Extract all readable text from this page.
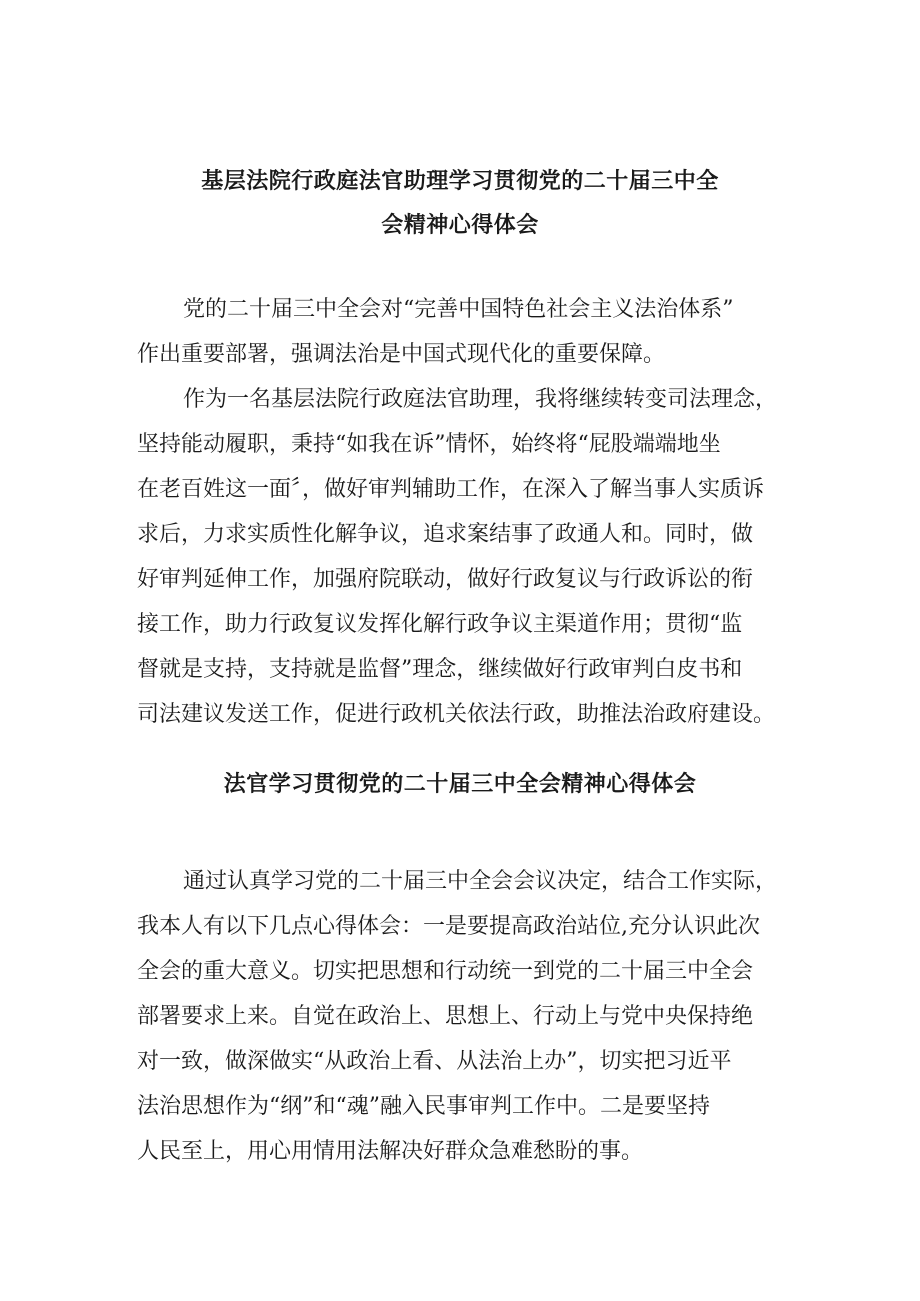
基层法院行政庭法官助理学习贯彻党的二十届三中全
会精神心得体会
党的二十届三中全会对“完善中国特色社会主义法治体系”
作出重要部署，强调法治是中国式现代化的重要保障。
作为一名基层法院行政庭法官助理，我将继续转变司法理念，
坚持能动履职，秉持“如我在诉”情怀，始终将“屁股端端地坐
在老百姓这一面〞，做好审判辅助工作，在深入了解当事人实质诉
求后，力求实质性化解争议，追求案结事了政通人和。同时，做
好审判延伸工作，加强府院联动，做好行政复议与行政诉讼的衔
接工作，助力行政复议发挥化解行政争议主渠道作用；贯彻“监
督就是支持，支持就是监督”理念，继续做好行政审判白皮书和
司法建议发送工作，促进行政机关依法行政，助推法治政府建设。
法官学习贯彻党的二十届三中全会精神心得体会
通过认真学习党的二十届三中全会会议决定，结合工作实际，
我本人有以下几点心得体会：一是要提高政治站位,充分认识此次
全会的重大意义。切实把思想和行动统一到党的二十届三中全会
部署要求上来。自觉在政治上、思想上、行动上与党中央保持绝
对一致，做深做实“从政治上看、从法治上办”，切实把习近平
法治思想作为“纲”和“魂”融入民事审判工作中。二是要坚持
人民至上，用心用情用法解决好群众急难愁盼的事。
